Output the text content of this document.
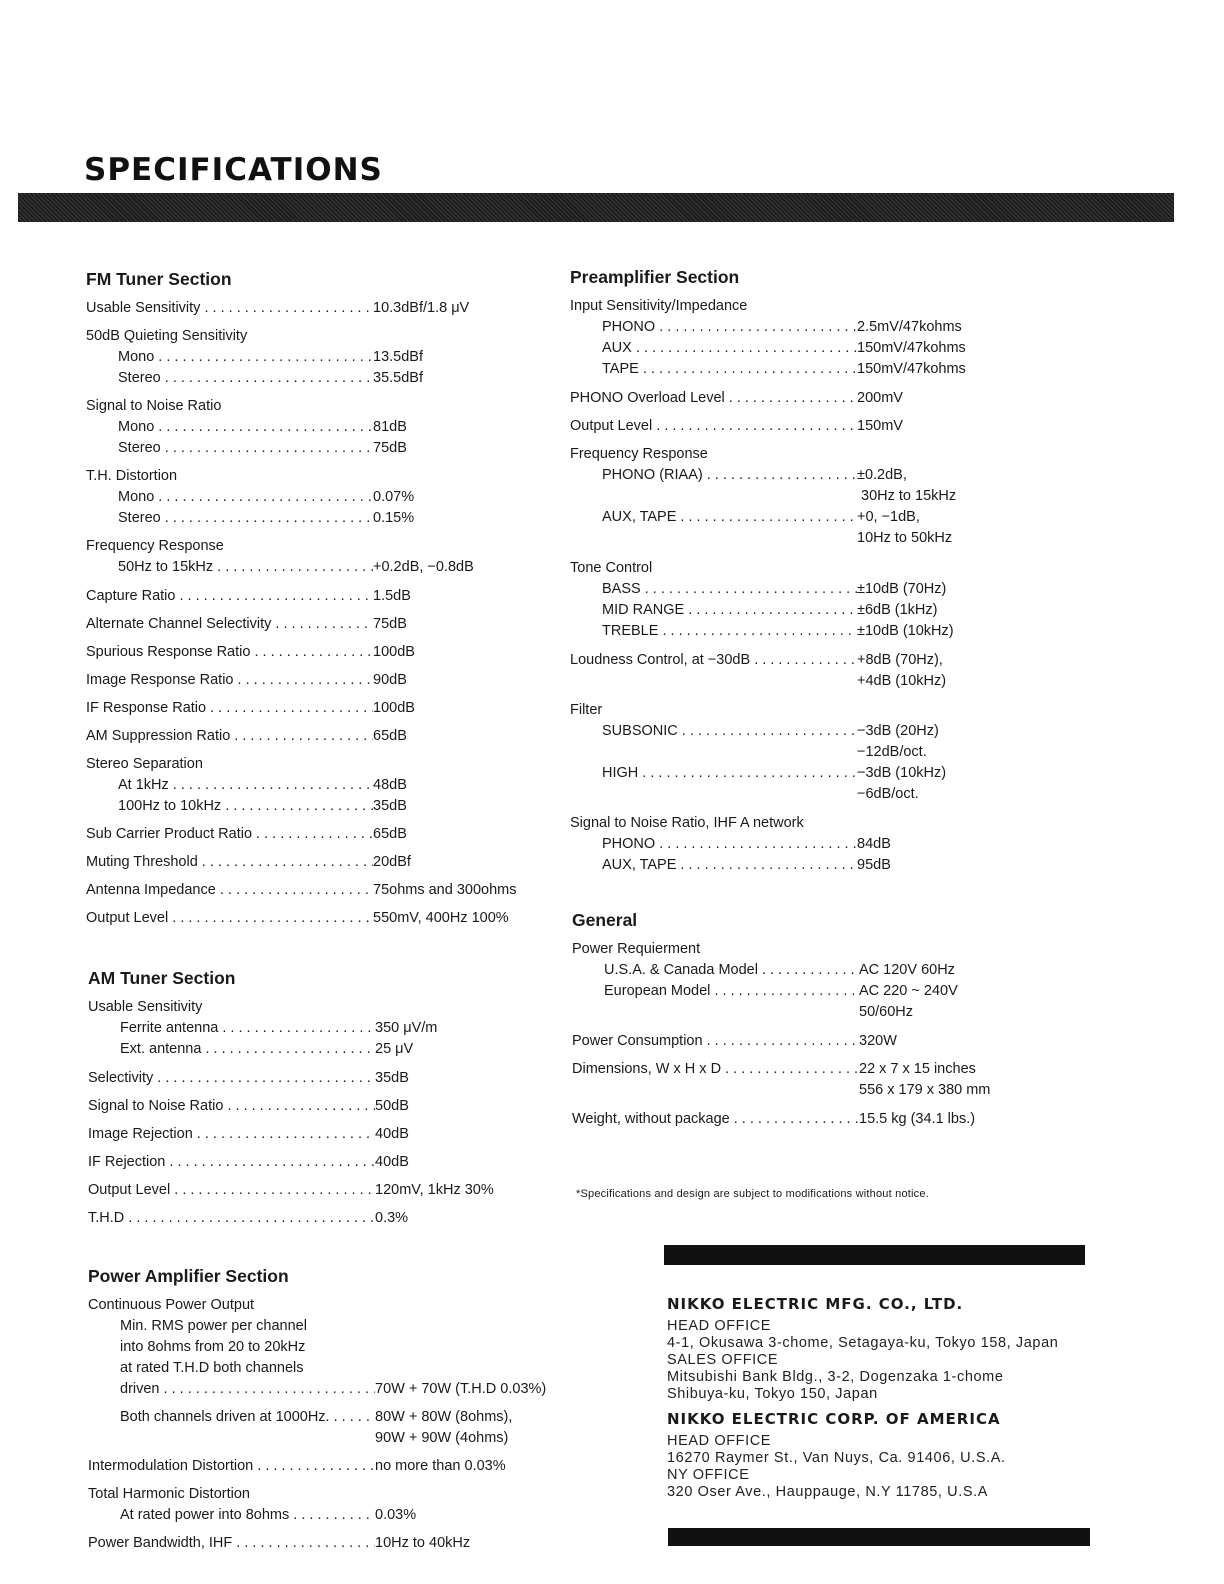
SPECIFICATIONS
FM Tuner Section
Usable Sensitivity . . .	10.3dBf/1.8 μV
50dB Quieting Sensitivity
Mono . . .	13.5dBf
Stereo . . .	35.5dBf
Signal to Noise Ratio
Mono . . .	81dB
Stereo . . .	75dB
T.H. Distortion
Mono . . .	0.07%
Stereo . . .	0.15%
Frequency Response
50Hz to 15kHz . . .	+0.2dB, −0.8dB
Capture Ratio . . .	1.5dB
Alternate Channel Selectivity . . .	75dB
Spurious Response Ratio . . .	100dB
Image Response Ratio . . .	90dB
IF Response Ratio . . .	100dB
AM Suppression Ratio . . .	65dB
Stereo Separation
At 1kHz . . .	48dB
100Hz to 10kHz . . .	35dB
Sub Carrier Product Ratio . . .	65dB
Muting Threshold . . .	20dBf
Antenna Impedance . . .	75ohms and 300ohms
Output Level . . .	550mV, 400Hz 100%
AM Tuner Section
Usable Sensitivity
Ferrite antenna . . .	350 μV/m
Ext. antenna . . .	25 μV
Selectivity . . .	35dB
Signal to Noise Ratio . . .	50dB
Image Rejection . . .	40dB
IF Rejection . . .	40dB
Output Level . . .	120mV, 1kHz 30%
T.H.D . . .	0.3%
Power Amplifier Section
Continuous Power Output
Min. RMS power per channel
into 8ohms from 20 to 20kHz
at rated T.H.D both channels
driven . . .	70W + 70W (T.H.D 0.03%)
Both channels driven at 1000Hz. . . .	80W + 80W (8ohms),
90W + 90W (4ohms)
Intermodulation Distortion . . .	no more than 0.03%
Total Harmonic Distortion
At rated power into 8ohms . . .	0.03%
Power Bandwidth, IHF . . .	10Hz to 40kHz
Preamplifier Section
Input Sensitivity/Impedance
PHONO . . .	2.5mV/47kohms
AUX . . .	150mV/47kohms
TAPE . . .	150mV/47kohms
PHONO Overload Level . . .	200mV
Output Level . . .	150mV
Frequency Response
PHONO (RIAA) . . .	±0.2dB,
30Hz to 15kHz
AUX, TAPE . . .	+0, −1dB,
10Hz to 50kHz
Tone Control
BASS . . .	±10dB (70Hz)
MID RANGE . . .	±6dB (1kHz)
TREBLE . . .	±10dB (10kHz)
Loudness Control, at −30dB . . .	+8dB (70Hz),
+4dB (10kHz)
Filter
SUBSONIC . . .	−3dB (20Hz)
−12dB/oct.
HIGH . . .	−3dB (10kHz)
−6dB/oct.
Signal to Noise Ratio, IHF A network
PHONO . . .	84dB
AUX, TAPE . . .	95dB
General
Power Requierment
U.S.A. & Canada Model . . .	AC 120V 60Hz
European Model . . .	AC 220 ~ 240V
50/60Hz
Power Consumption . . .	320W
Dimensions, W x H x D . . .	22 x 7 x 15 inches
556 x 179 x 380 mm
Weight, without package . . .	15.5 kg (34.1 lbs.)
*Specifications and design are subject to modifications without notice.
NIKKO ELECTRIC MFG. CO., LTD.
HEAD OFFICE
4-1, Okusawa 3-chome, Setagaya-ku, Tokyo 158, Japan
SALES OFFICE
Mitsubishi Bank Bldg., 3-2, Dogenzaka 1-chome
Shibuya-ku, Tokyo 150, Japan
NIKKO ELECTRIC CORP. OF AMERICA
HEAD OFFICE
16270 Raymer St., Van Nuys, Ca. 91406, U.S.A.
NY OFFICE
320 Oser Ave., Hauppauge, N.Y 11785, U.S.A
